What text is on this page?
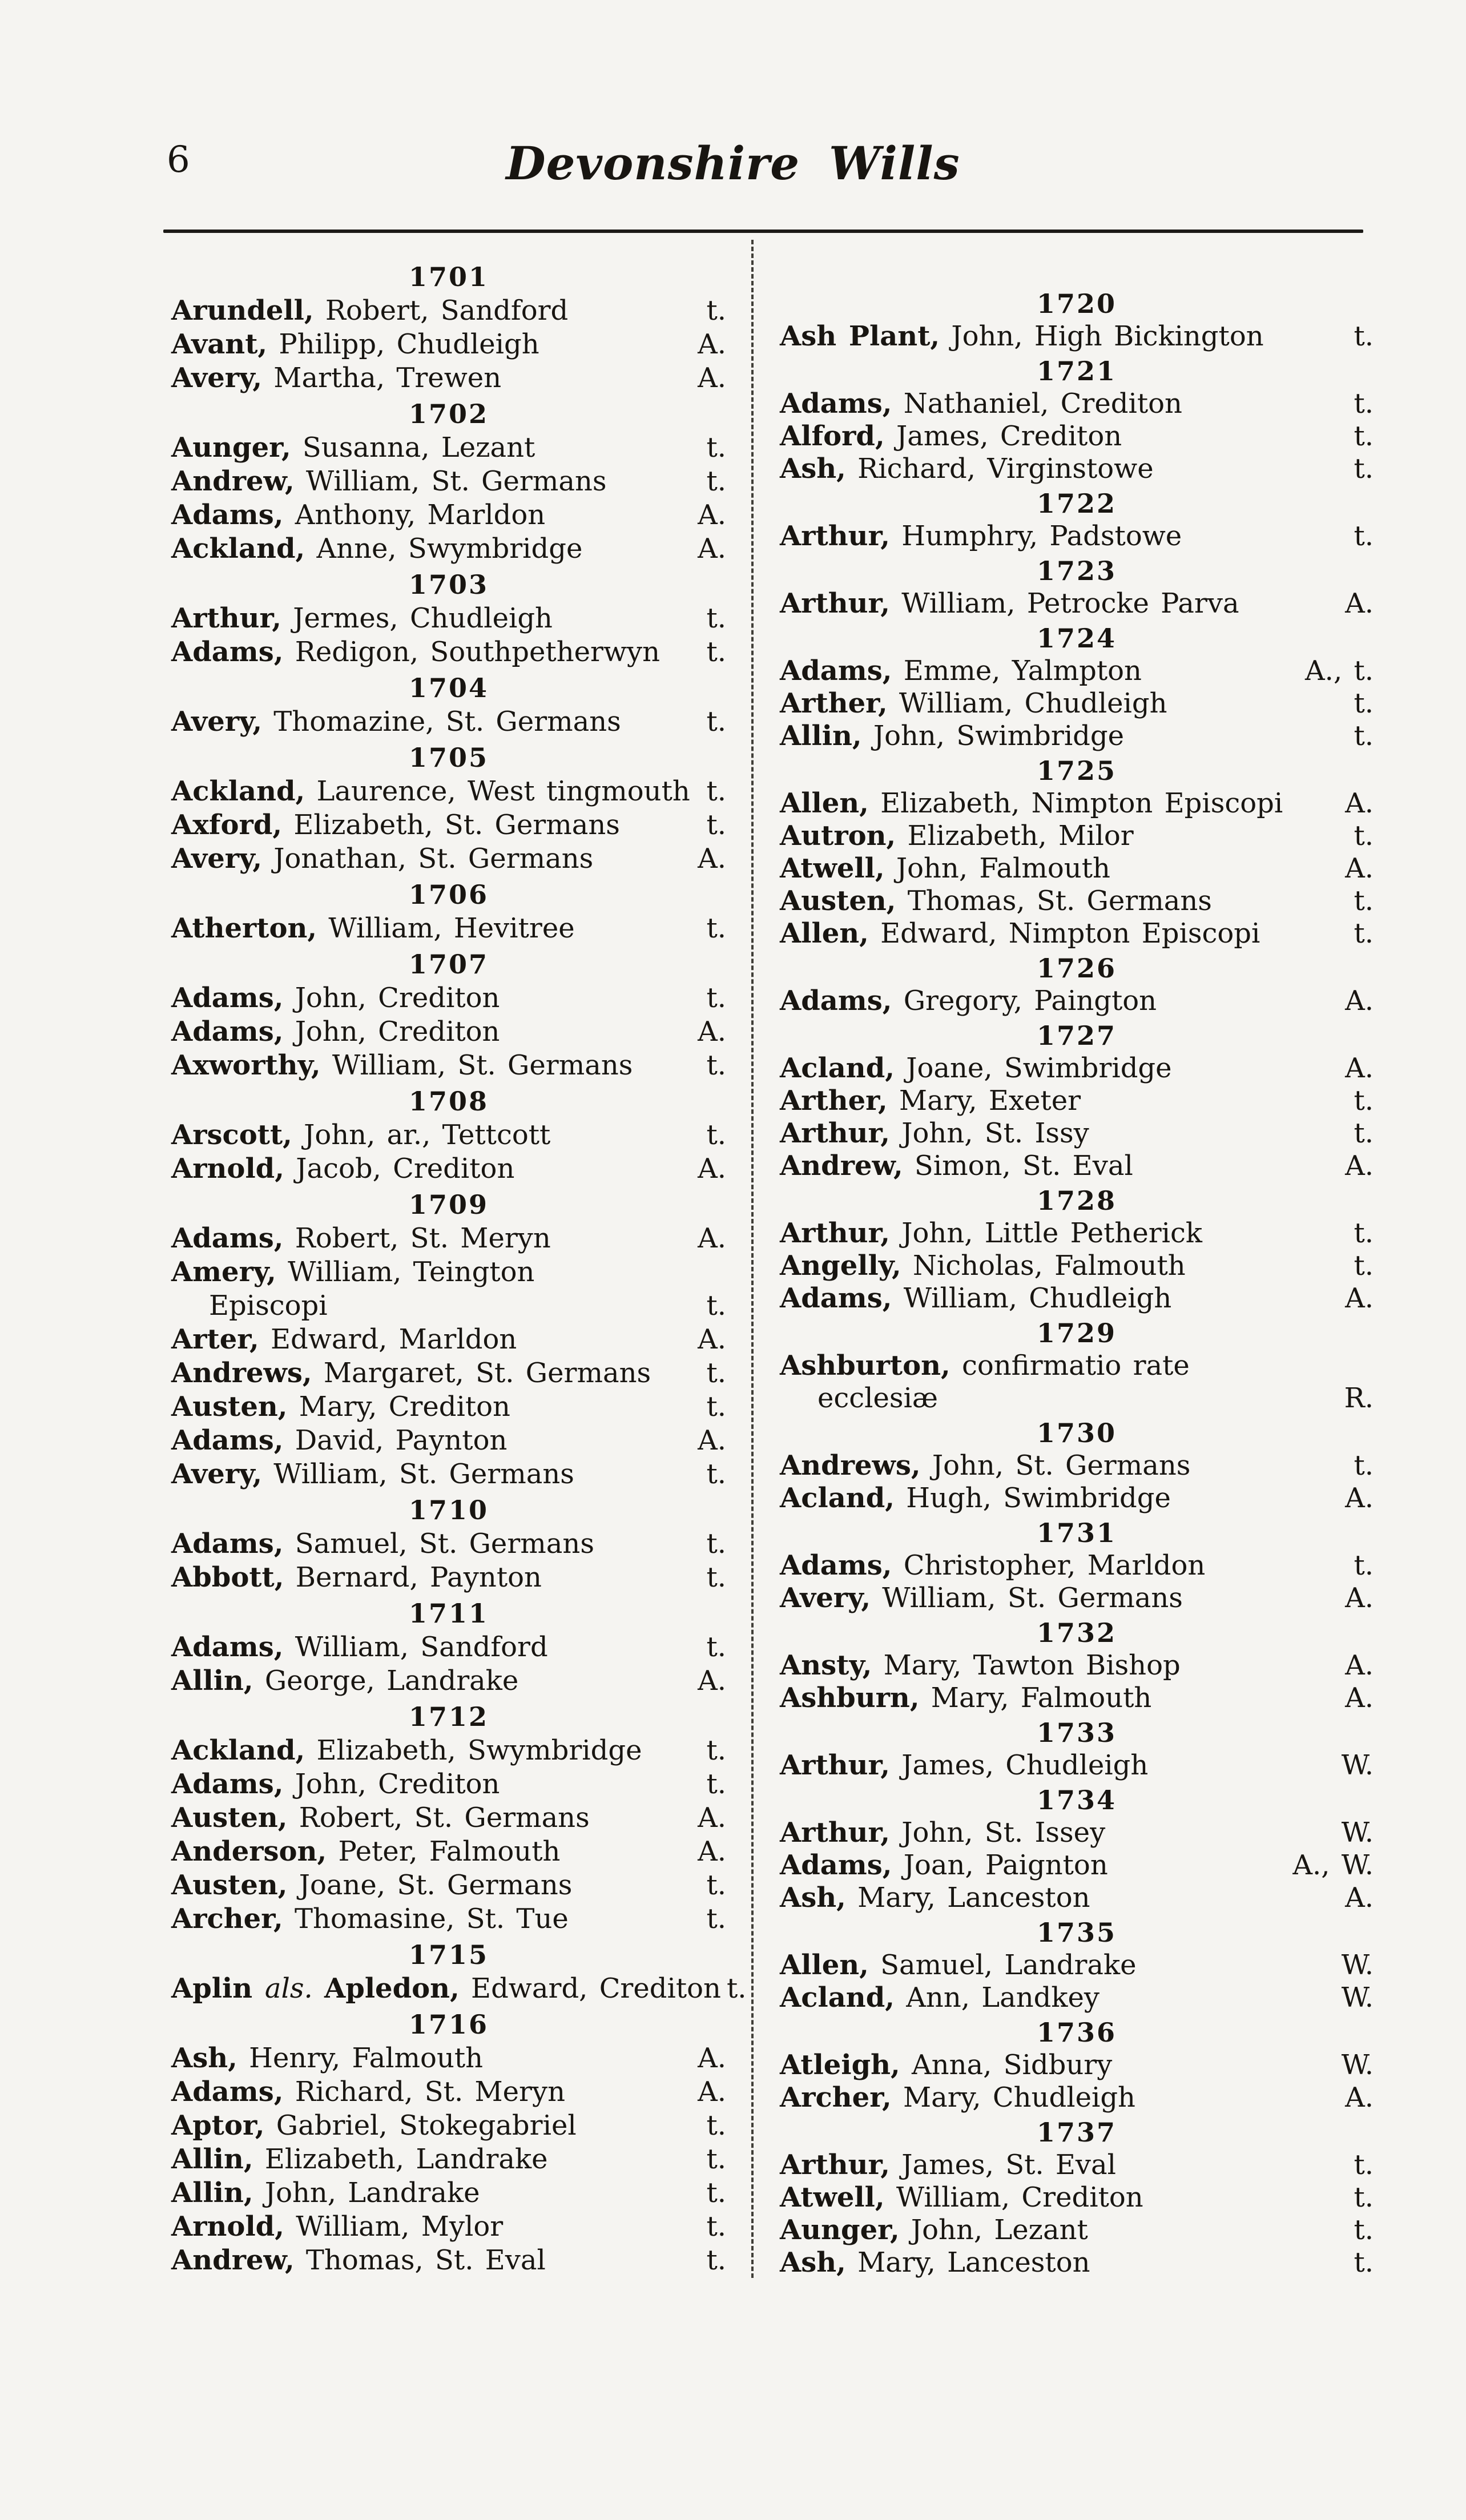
6	Devonshire Wills
1701
Arundell, Robert, Sandford	t.
Avant, Philipp, Chudleigh	A.
Avery, Martha, Trewen	A.
1702
Aunger, Susanna, Lezant	t.
Andrew, William, St. Germans	t.
Adams, Anthony, Marldon	A.
Ackland, Anne, Swymbridge	A.
1703
Arthur, Jermes, Chudleigh	t.
Adams, Redigon, Southpetherwyn t.
1704
Avery, Thomazine, St. Germans	t.
1705
Ackland, Laurence, West tingmouth t.
Axford, Elizabeth, St. Germans	t.
Avery, Jonathan, St. Germans	A.
1706
Atherton, William, Hevitree	t.
1707
Adams, John, Crediton	t.
Adams, John, Crediton	A.
Axworthy, William, St. Germans	t.
1708
Arscott, John, ar., Tettcott	t.
Arnold, Jacob, Crediton	A.
1709
Adams, Robert, St. Meryn	A.
Amery, William, Teington
Episcopi	t.
Arter, Edward, Marldon	A.
Andrews, Margaret, St. Germans t.
Austen, Mary, Crediton	t.
Adams, David, Paynton	A.
Avery, William, St. Germans	t.
1710
Adams, Samuel, St. Germans	t.
Abbott, Bernard, Paynton	t.
1711
Adams, William, Sandford	t.
Allin, George, Landrake	A.
1712
Ackland, Elizabeth, Swymbridge t.
Adams, John, Crediton	t.
Austen, Robert, St. Germans	A.
Anderson, Peter, Falmouth	A.
Austen, Joane, St. Germans	t.
Archer, Thomasine, St. Tue	t.
1715
Aplin als. Apledon, Edward, Crediton t.
1716
Ash, Henry, Falmouth	A.
Adams, Richard, St. Meryn	A.
Aptor, Gabriel, Stokegabriel	t.
Allin, Elizabeth, Landrake	t.
Allin, John, Landrake	t.
Arnold, William, Mylor	t.
Andrew, Thomas, St. Eval	t.
1720
Ash Plant, John, High Bickington	t.
1721
Adams, Nathaniel, Crediton	t.
Alford, James, Crediton	t.
Ash, Richard, Virginstowe	t.
1722
Arthur, Humphry, Padstowe	t.
1723
Arthur, William, Petrocke Parva	A.
1724
Adams, Emme, Yalmpton	A., t.
Arther, William, Chudleigh	t.
Allin, John, Swimbridge	t.
1725
Allen, Elizabeth, Nimpton Episcopi A.
Autron, Elizabeth, Milor	t.
Atwell, John, Falmouth	A.
Austen, Thomas, St. Germans	t.
Allen, Edward, Nimpton Episcopi	t.
1726
Adams, Gregory, Paington	A.
1727
Acland, Joane, Swimbridge	A.
Arther, Mary, Exeter	t.
Arthur, John, St. Issy	t.
Andrew, Simon, St. Eval	A.
1728
Arthur, John, Little Petherick	t.
Angelly, Nicholas, Falmouth	t.
Adams, William, Chudleigh	A.
1729
Ashburton, confirmatio rate
ecclesiæ	R.
1730
Andrews, John, St. Germans	t.
Acland, Hugh, Swimbridge	A.
1731
Adams, Christopher, Marldon	t.
Avery, William, St. Germans	A.
1732
Ansty, Mary, Tawton Bishop	A.
Ashburn, Mary, Falmouth	A.
1733
Arthur, James, Chudleigh	W.
1734
Arthur, John, St. Issey	W.
Adams, Joan, Paignton	A., W.
Ash, Mary, Lanceston	A.
1735
Allen, Samuel, Landrake	W.
Acland, Ann, Landkey	W.
1736
Atleigh, Anna, Sidbury	W.
Archer, Mary, Chudleigh	A.
1737
Arthur, James, St. Eval	t.
Atwell, William, Crediton	t.
Aunger, John, Lezant	t.
Ash, Mary, Lanceston	t.
